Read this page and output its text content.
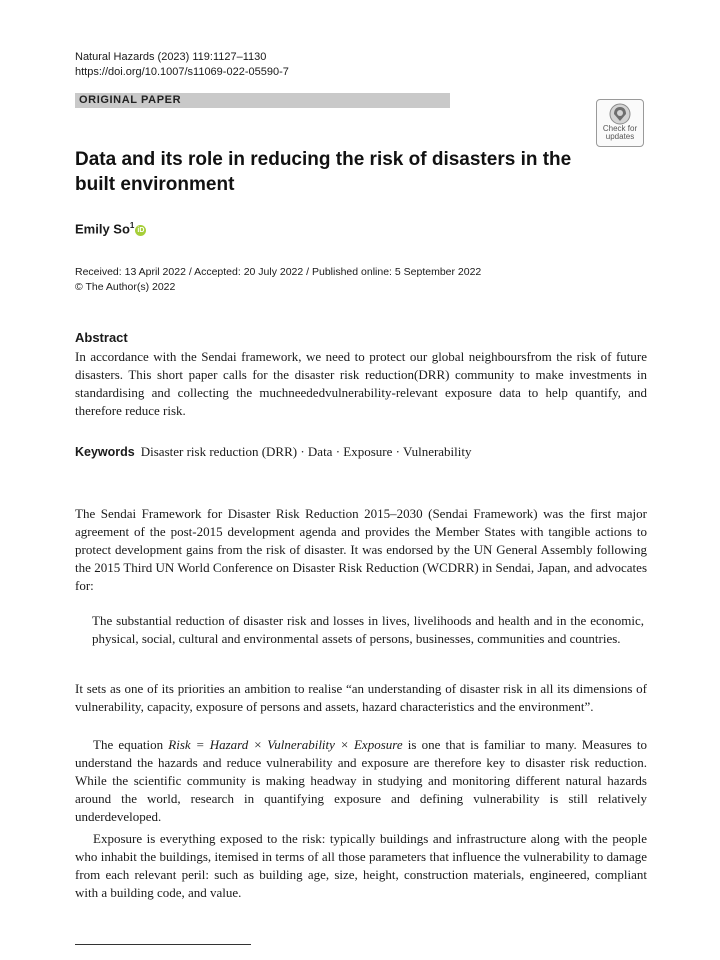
Natural Hazards (2023) 119:1127–1130
https://doi.org/10.1007/s11069-022-05590-7
ORIGINAL PAPER
Check for
updates
Data and its role in reducing the risk of disasters in the built environment
Emily So$^1$iD
Received: 13 April 2022 / Accepted: 20 July 2022 / Published online: 5 September 2022
© The Author(s) 2022
Abstract

In accordance with the Sendai framework, we need to protect our global neighboursfrom the risk of future disasters. This short paper calls for the disaster risk reduction(DRR) community to make investments in standardising and collecting the muchneededvulnerability-relevant exposure data to help quantify, and therefore reduce risk.

Keywords Disaster risk reduction (DRR) · Data · Exposure · Vulnerability

The Sendai Framework for Disaster Risk Reduction 2015–2030 (Sendai Framework) was the first major agreement of the post-2015 development agenda and provides the Member States with tangible actions to protect development gains from the risk of disaster. It was endorsed by the UN General Assembly following the 2015 Third UN World Conference on Disaster Risk Reduction (WCDRR) in Sendai, Japan, and advocates for:

The substantial reduction of disaster risk and losses in lives, livelihoods and health and in the economic, physical, social, cultural and environmental assets of persons, businesses, communities and countries.

It sets as one of its priorities an ambition to realise “an understanding of disaster risk in all its dimensions of vulnerability, capacity, exposure of persons and assets, hazard characteristics and the environment”.

The equation Risk = Hazard × Vulnerability × Exposure is one that is familiar to many. Measures to understand the hazards and reduce vulnerability and exposure are therefore key to disaster risk reduction. While the scientific community is making headway in studying and monitoring different natural hazards around the world, research in quantifying exposure and defining vulnerability is still relatively underdeveloped.

Exposure is everything exposed to the risk: typically buildings and infrastructure along with the people who inhabit the buildings, itemised in terms of all those parameters that influence the vulnerability to damage from each relevant peril: such as building age, size, height, construction materials, engineered, compliant with a building code, and value.
